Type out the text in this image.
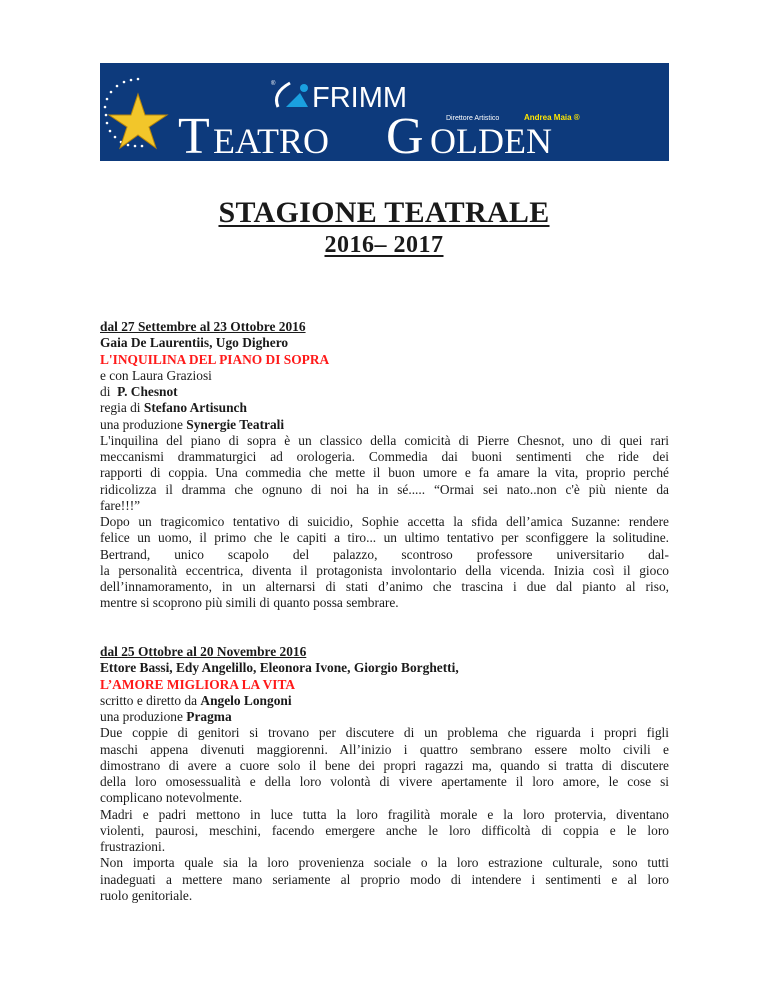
® FRIMM
T EATRO G OLDEN
Direttore Artistico	Andrea Maia ®
STAGIONE TEATRALE
2016– 2017
dal 27 Settembre al 23 Ottobre 2016
Gaia De Laurentiis, Ugo Dighero
L'INQUILINA DEL PIANO DI SOPRA
e con Laura Graziosi
di  P. Chesnot
regia di Stefano Artisunch
una produzione Synergie Teatrali
L'inquilina del piano di sopra è un classico della comicità di Pierre Chesnot, uno di quei rari
meccanismi drammaturgici ad orologeria. Commedia dai buoni sentimenti che ride dei
rapporti di coppia. Una commedia che mette il buon umore e fa amare la vita, proprio perché
ridicolizza il dramma che ognuno di noi ha in sé..... “Ormai sei nato..non c'è più niente da
fare!!!”
Dopo un tragicomico tentativo di suicidio, Sophie accetta la sfida dell’amica Suzanne: rendere
felice un uomo, il primo che le capiti a tiro... un ultimo tentativo per sconfiggere la solitudine.
Bertrand, unico scapolo del palazzo, scontroso professore universitario dal-
la personalità eccentrica, diventa il protagonista involontario della vicenda. Inizia così il gioco
dell’innamoramento, in un alternarsi di stati d’animo che trascina i due dal pianto al riso,
mentre si scoprono più simili di quanto possa sembrare.
dal 25 Ottobre al 20 Novembre 2016
Ettore Bassi, Edy Angelillo, Eleonora Ivone, Giorgio Borghetti,
L’AMORE MIGLIORA LA VITA
scritto e diretto da Angelo Longoni
una produzione Pragma
Due coppie di genitori si trovano per discutere di un problema che riguarda i propri figli
maschi appena divenuti maggiorenni. All’inizio i quattro sembrano essere molto civili e
dimostrano di avere a cuore solo il bene dei propri ragazzi ma, quando si tratta di discutere
della loro omosessualità e della loro volontà di vivere apertamente il loro amore, le cose si
complicano notevolmente.
Madri e padri mettono in luce tutta la loro fragilità morale e la loro protervia, diventano
violenti, paurosi, meschini, facendo emergere anche le loro difficoltà di coppia e le loro
frustrazioni.
Non importa quale sia la loro provenienza sociale o la loro estrazione culturale, sono tutti
inadeguati a mettere mano seriamente al proprio modo di intendere i sentimenti e al loro
ruolo genitoriale.
